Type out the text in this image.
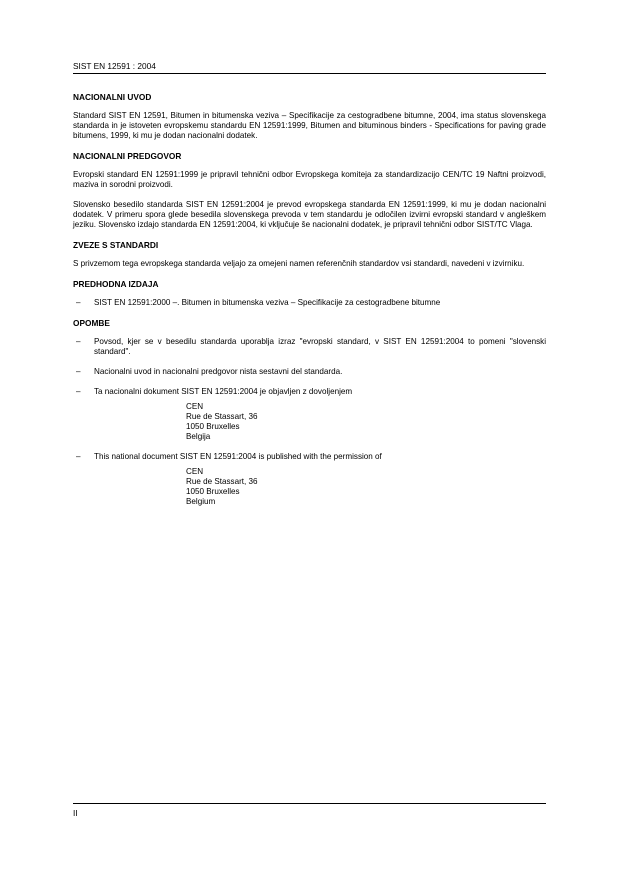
SIST EN 12591 : 2004
NACIONALNI UVOD

Standard SIST EN 12591, Bitumen in bitumenska veziva – Specifikacije za cestogradbene bitumne, 2004, ima status slovenskega standarda in je istoveten evropskemu standardu EN 12591:1999, Bitumen and bituminous binders - Specifications for paving grade bitumens, 1999, ki mu je dodan nacionalni dodatek.

NACIONALNI PREDGOVOR

Evropski standard EN 12591:1999 je pripravil tehnični odbor Evropskega komiteja za standardizacijo CEN/TC 19 Naftni proizvodi, maziva in sorodni proizvodi.

Slovensko besedilo standarda SIST EN 12591:2004 je prevod evropskega standarda EN 12591:1999, ki mu je dodan nacionalni dodatek. V primeru spora glede besedila slovenskega prevoda v tem standardu je odločilen izvirni evropski standard v angleškem jeziku. Slovensko izdajo standarda EN 12591:2004, ki vključuje še nacionalni dodatek, je pripravil tehnični odbor SIST/TC Vlaga.

ZVEZE S STANDARDI

S privzemom tega evropskega standarda veljajo za omejeni namen referenčnih standardov vsi standardi, navedeni v izvirniku.

PREDHODNA IZDAJA
– SIST EN 12591:2000 –. Bitumen in bitumenska veziva – Specifikacije za cestogradbene bitumne
OPOMBE
– Povsod, kjer se v besedilu standarda uporablja izraz "evropski standard, v SIST EN 12591:2004 to pomeni "slovenski standard".
– Nacionalni uvod in nacionalni predgovor nista sestavni del standarda.
– Ta nacionalni dokument SIST EN 12591:2004 je objavljen z dovoljenjem
CEN
Rue de Stassart, 36
1050 Bruxelles
Belgija
– This national document SIST EN 12591:2004 is published with the permission of
CEN
Rue de Stassart, 36
1050 Bruxelles
Belgium
II
